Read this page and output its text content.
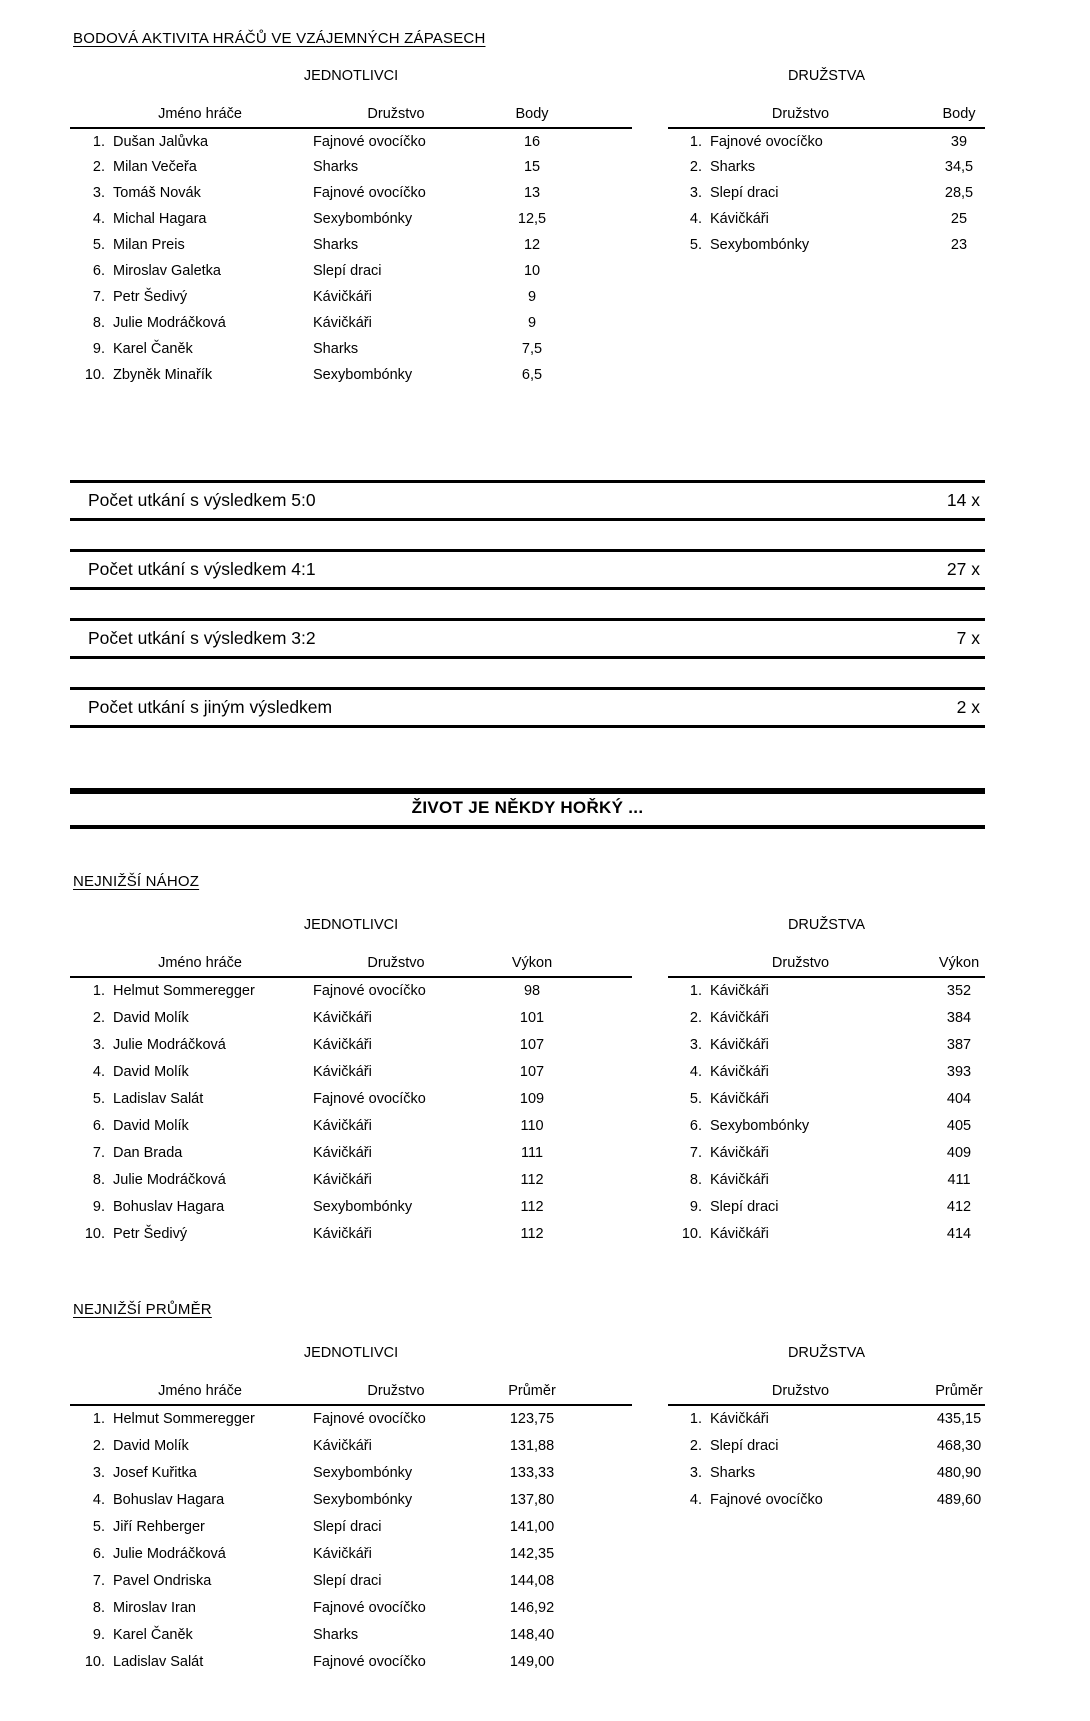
BODOVÁ AKTIVITA HRÁČŮ VE VZÁJEMNÝCH ZÁPASECH
JEDNOTLIVCI
Jméno hráče		Družstvo	Body
1.	Dušan Jalůvka	Fajnové ovocíčko	16
2.	Milan Večeřa	Sharks	15
3.	Tomáš Novák	Fajnové ovocíčko	13
4.	Michal Hagara	Sexybombónky	12,5
5.	Milan Preis	Sharks	12
6.	Miroslav Galetka	Slepí draci	10
7.	Petr Šedivý	Kávičkáři	9
8.	Julie Modráčková	Kávičkáři	9
9.	Karel Čaněk	Sharks	7,5
10.	Zbyněk Minařík	Sexybombónky	6,5
DRUŽSTVA
Družstvo		Body
1.	Fajnové ovocíčko	39
2.	Sharks	34,5
3.	Slepí draci	28,5
4.	Kávičkáři	25
5.	Sexybombónky	23
Počet utkání s výsledkem 5:0	14 x
Počet utkání s výsledkem 4:1	27 x
Počet utkání s výsledkem 3:2	7 x
Počet utkání s jiným výsledkem	2 x
ŽIVOT JE NĚKDY HOŘKÝ ...
NEJNIŽŠÍ NÁHOZ
JEDNOTLIVCI
Jméno hráče		Družstvo	Výkon
1.	Helmut Sommeregger	Fajnové ovocíčko	98
2.	David Molík	Kávičkáři	101
3.	Julie Modráčková	Kávičkáři	107
4.	David Molík	Kávičkáři	107
5.	Ladislav Salát	Fajnové ovocíčko	109
6.	David Molík	Kávičkáři	110
7.	Dan Brada	Kávičkáři	111
8.	Julie Modráčková	Kávičkáři	112
9.	Bohuslav Hagara	Sexybombónky	112
10.	Petr Šedivý	Kávičkáři	112
DRUŽSTVA
Družstvo		Výkon
1.	Kávičkáři	352
2.	Kávičkáři	384
3.	Kávičkáři	387
4.	Kávičkáři	393
5.	Kávičkáři	404
6.	Sexybombónky	405
7.	Kávičkáři	409
8.	Kávičkáři	411
9.	Slepí draci	412
10.	Kávičkáři	414
NEJNIŽŠÍ PRŮMĚR
JEDNOTLIVCI
Jméno hráče		Družstvo	Průměr
1.	Helmut Sommeregger	Fajnové ovocíčko	123,75
2.	David Molík	Kávičkáři	131,88
3.	Josef Kuřitka	Sexybombónky	133,33
4.	Bohuslav Hagara	Sexybombónky	137,80
5.	Jiří Rehberger	Slepí draci	141,00
6.	Julie Modráčková	Kávičkáři	142,35
7.	Pavel Ondriska	Slepí draci	144,08
8.	Miroslav Iran	Fajnové ovocíčko	146,92
9.	Karel Čaněk	Sharks	148,40
10.	Ladislav Salát	Fajnové ovocíčko	149,00
DRUŽSTVA
Družstvo		Průměr
1.	Kávičkáři	435,15
2.	Slepí draci	468,30
3.	Sharks	480,90
4.	Fajnové ovocíčko	489,60
